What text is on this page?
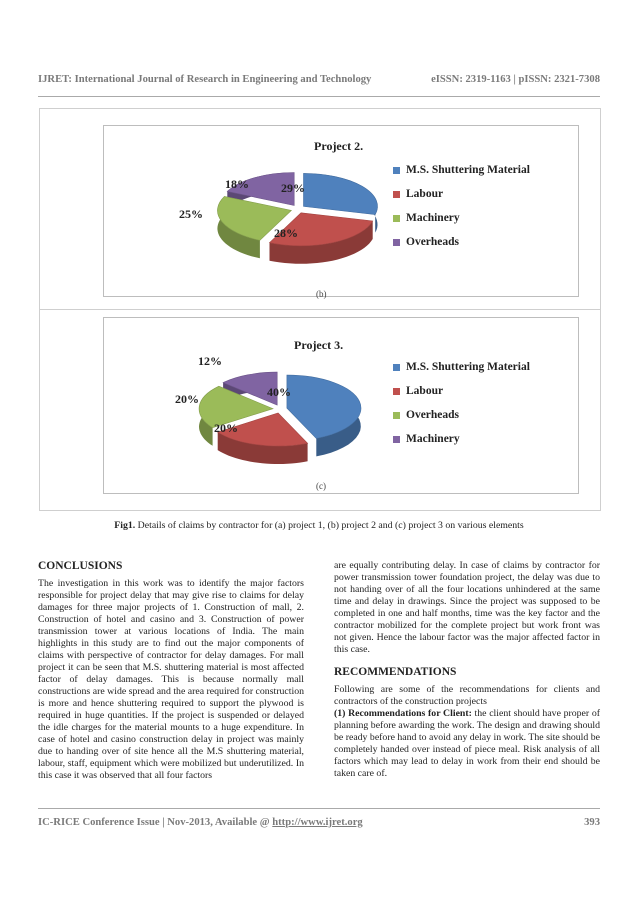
IJRET: International Journal of Research in Engineering and Technology	eISSN: 2319-1163 | pISSN: 2321-7308
Project 2.
29%
28%
25%
18%
M.S. Shuttering Material
Labour
Machinery
Overheads
(b)
Project 3.
40%
20%
20%
12%	M.S. Shuttering Material
Labour
Overheads
Machinery
(c)
Fig1. Details of claims by contractor for (a) project 1, (b) project 2 and (c) project 3 on various elements
CONCLUSIONS

The investigation in this work was to identify the major factors responsible for project delay that may give rise to claims for delay damages for three major projects of 1. Construction of mall, 2. Construction of hotel and casino and 3. Construction of power transmission tower at various locations of India. The main highlights in this study are to find out the major components of claims with perspective of contractor for delay damages. For mall project it can be seen that M.S. shuttering material is most affected factor of delay damages. This is because normally mall constructions are wide spread and the area required for construction is more and hence shuttering required to support the plywood is required in huge quantities. If the project is suspended or delayed the idle charges for the material mounts to a huge expenditure. In case of hotel and casino construction delay in project was mainly due to handing over of site hence all the M.S shuttering material, labour, staff, equipment which were mobilized but underutilized. In this case it was observed that all four factors

are equally contributing delay. In case of claims by contractor for power transmission tower foundation project, the delay was due to not handing over of all the four locations unhindered at the same time and delay in drawings. Since the project was supposed to be completed in one and half months, time was the key factor and the contractor mobilized for the complete project but work front was not given. Hence the labour factor was the major affected factor in this case.

RECOMMENDATIONS

Following are some of the recommendations for clients and contractors of the construction projects

(1) Recommendations for Client: the client should have proper of planning before awarding the work. The design and drawing should be ready before hand to avoid any delay in work. The site should be completely handed over instead of piece meal. Risk analysis of all factors which may lead to delay in work from their end should be taken care of.

IC-RICE Conference Issue | Nov-2013, Available @ http://www.ijret.org	393
